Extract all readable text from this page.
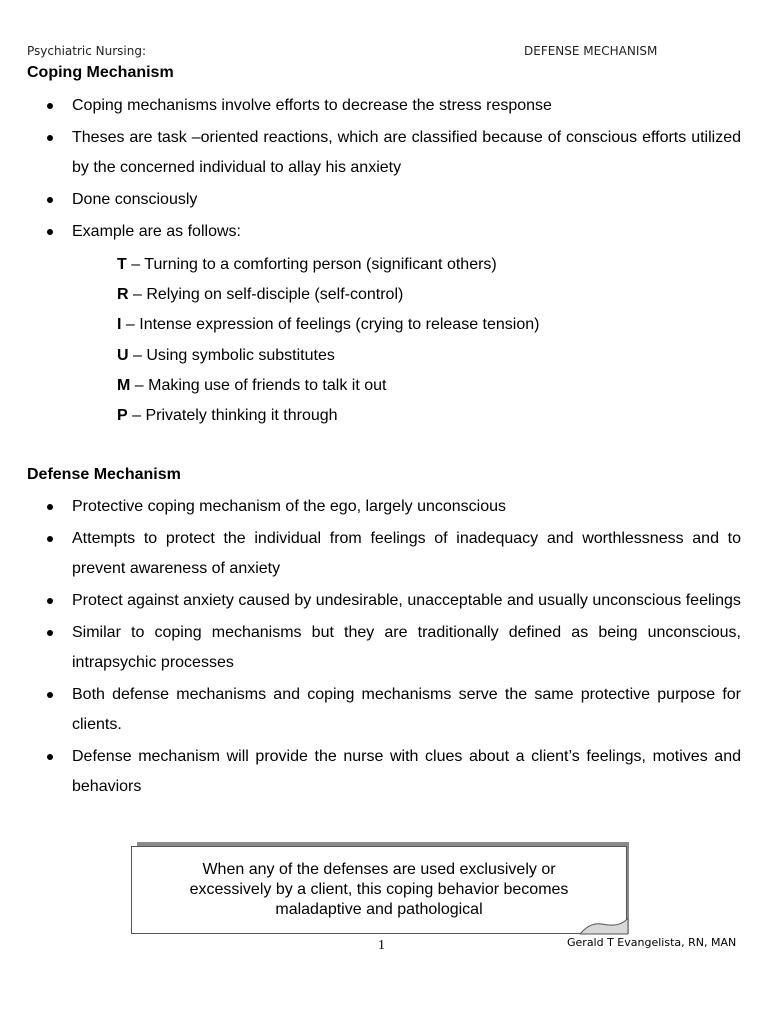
Psychiatric Nursing:	DEFENSE MECHANISM
Coping Mechanism
Coping mechanisms involve efforts to decrease the stress response
Theses are task –oriented reactions, which are classified because of conscious efforts utilized by the concerned individual to allay his anxiety
Done consciously
Example are as follows:
T – Turning to a comforting person (significant others)
R – Relying on self-disciple (self-control)
I – Intense expression of feelings (crying to release tension)
U – Using symbolic substitutes
M – Making use of friends to talk it out
P – Privately thinking it through
Defense Mechanism
Protective coping mechanism of the ego, largely unconscious
Attempts to protect the individual from feelings of inadequacy and worthlessness and to prevent awareness of anxiety
Protect against anxiety caused by undesirable, unacceptable and usually unconscious feelings
Similar to coping mechanisms but they are traditionally defined as being unconscious, intrapsychic processes
Both defense mechanisms and coping mechanisms serve the same protective purpose for clients.
Defense mechanism will provide the nurse with clues about a client’s feelings, motives and behaviors
When any of the defenses are used exclusively or excessively by a client, this coping behavior becomes maladaptive and pathological
1	Gerald T Evangelista, RN, MAN
